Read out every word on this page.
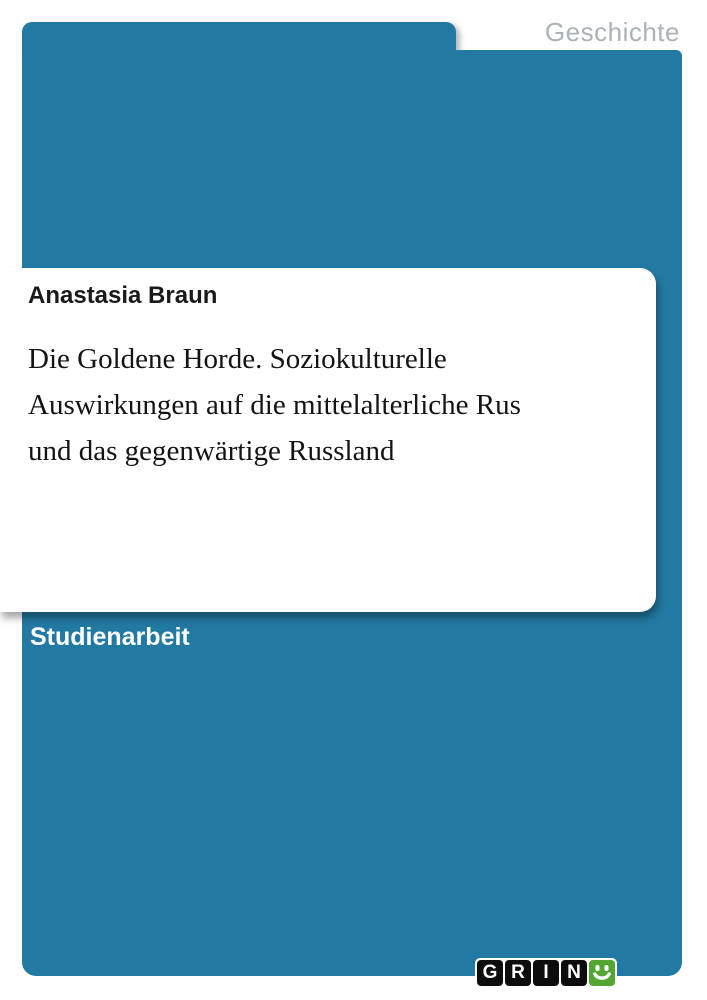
Geschichte
Anastasia Braun
Die Goldene Horde. Soziokulturelle
Auswirkungen auf die mittelalterliche Rus
und das gegenwärtige Russland
Studienarbeit
G R I N
